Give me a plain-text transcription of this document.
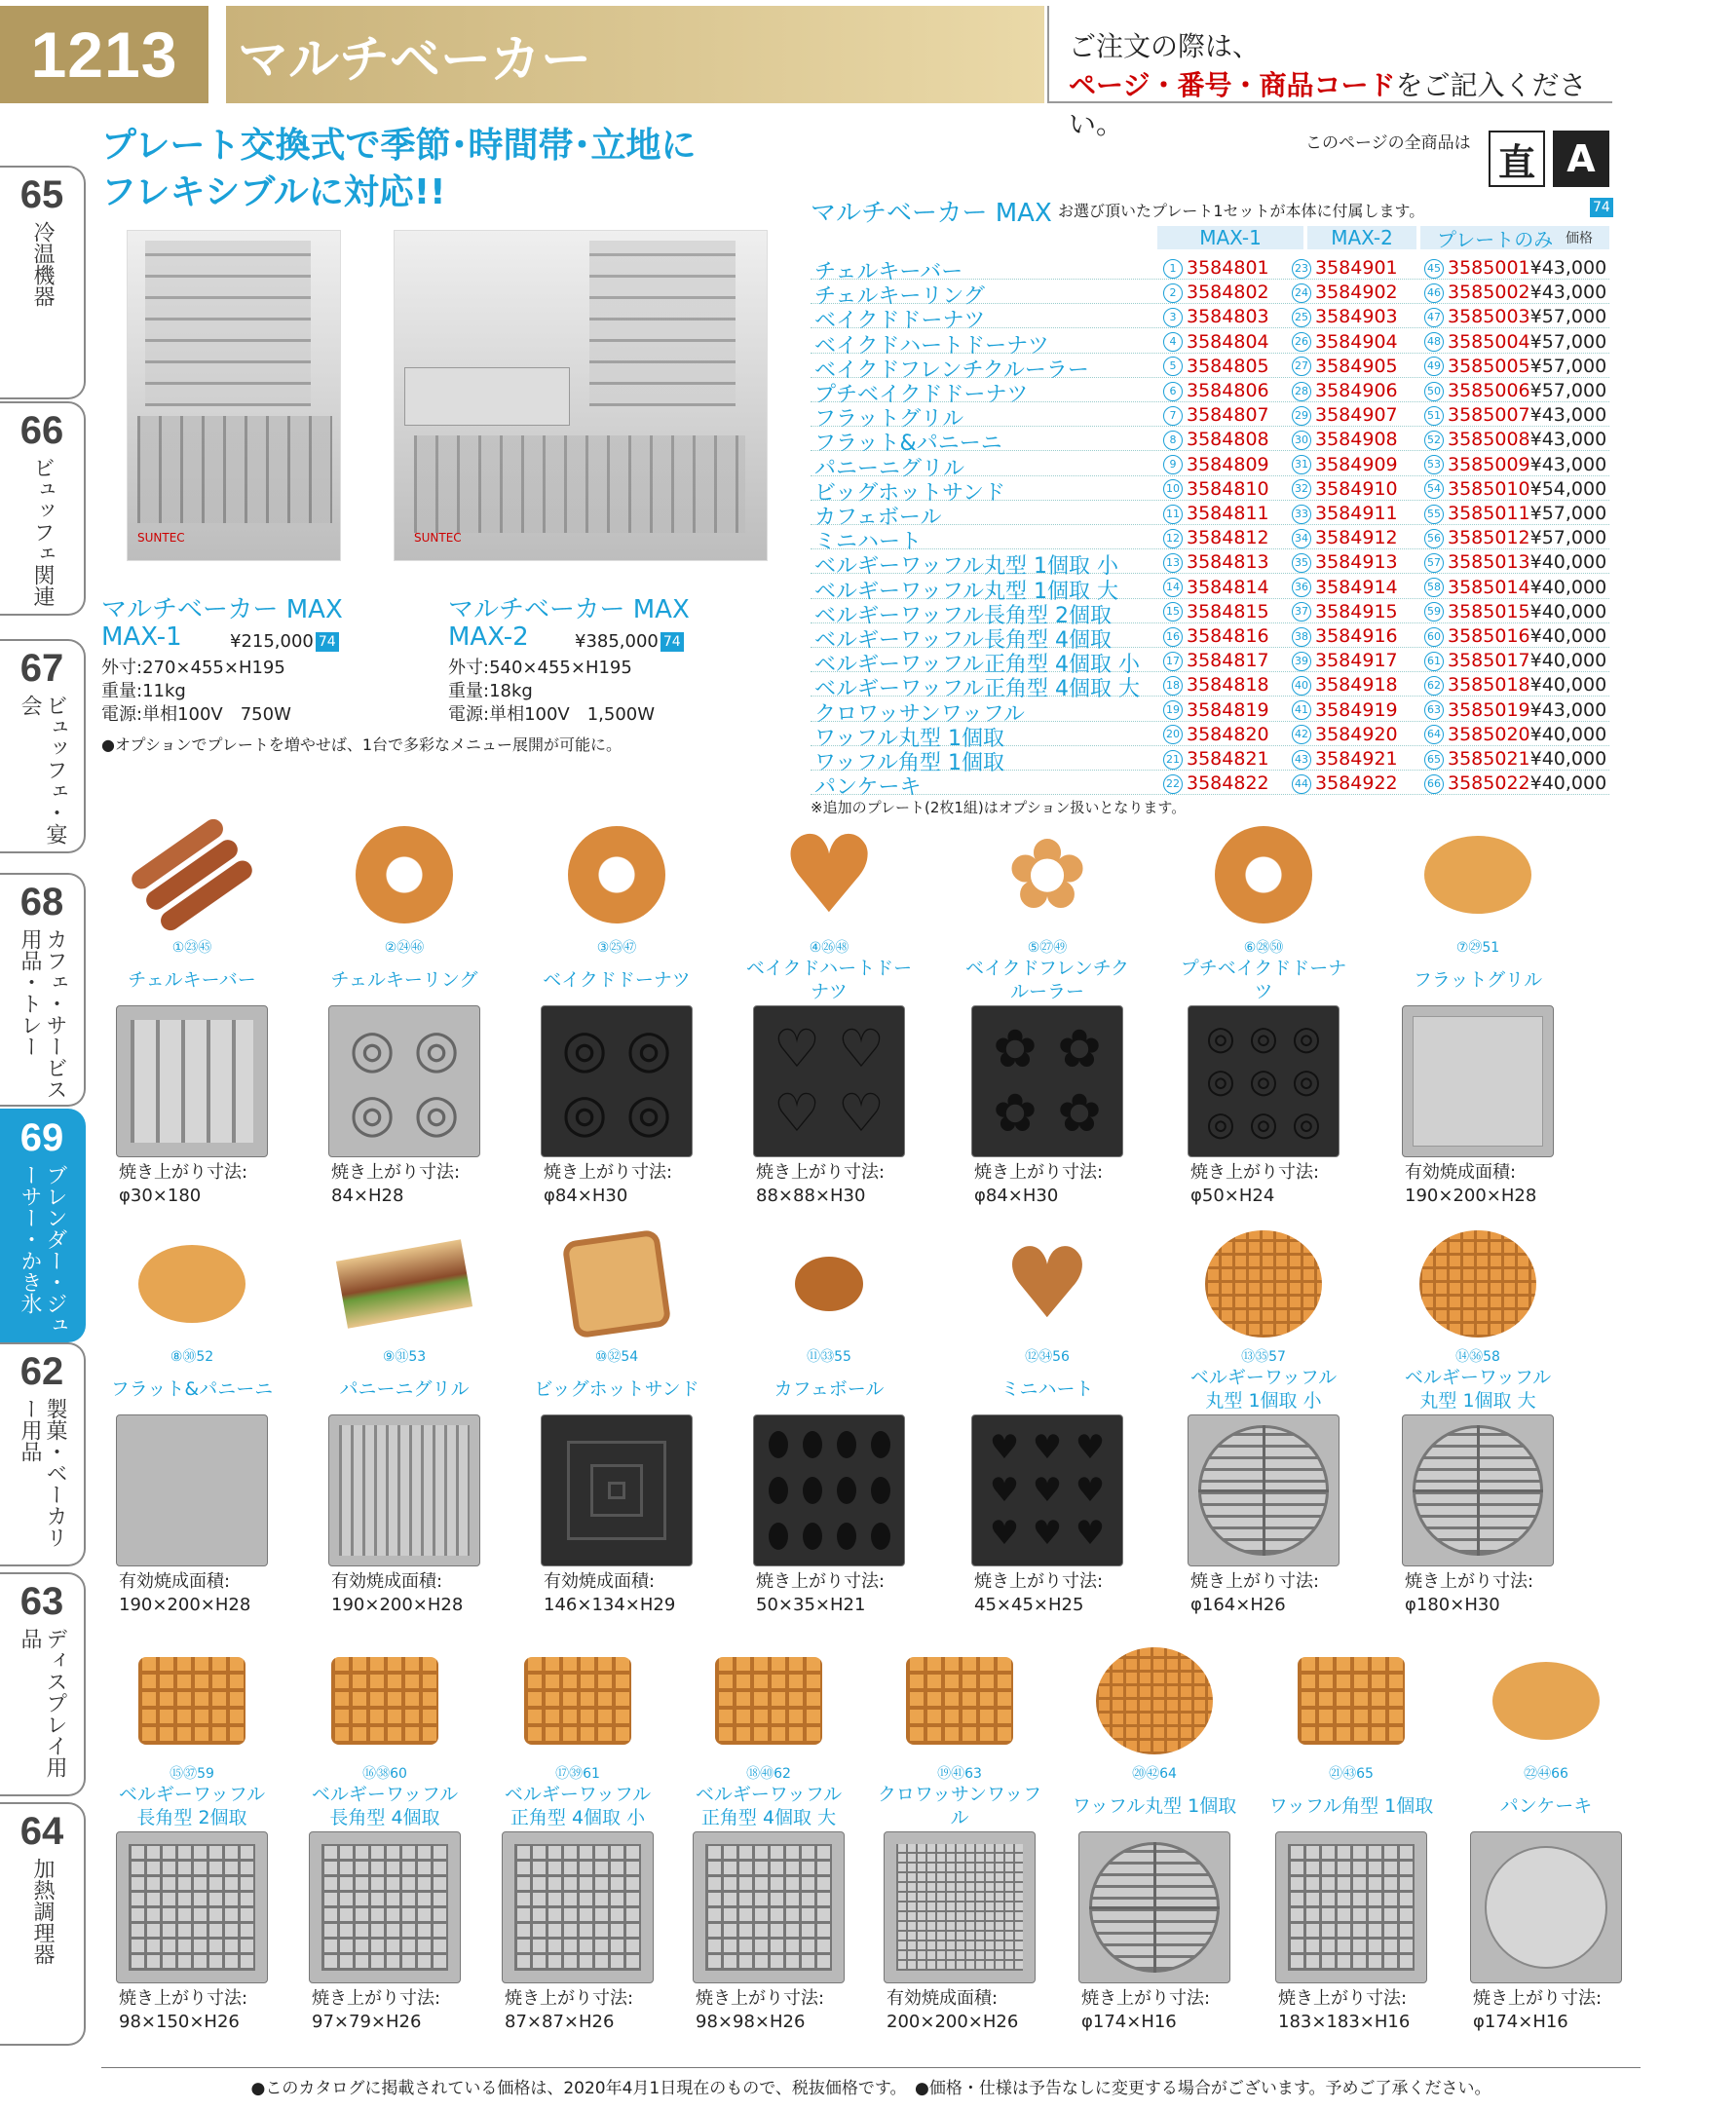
1213	マルチベーカー	ご注文の際は、
ページ・番号・商品コードをご記入ください。
65
冷温機器
66
ビュッフェ関連
67
ビュッフェ・宴会
68
カフェ・サービス用品・トレー
69
ブレンダー・ジューサー・かき氷
62
製菓・ベーカリー用品
63
ディスプレイ用品
64
加熱調理器
プレート交換式で季節･時間帯･立地に
フレキシブルに対応!!
このページの全商品は 直 A
SUNTEC	SUNTEC
マルチベーカー MAX
MAX-1	¥215,000 74
外寸:270×455×H195
重量:11kg
電源:単相100V　750W
マルチベーカー MAX
MAX-2	¥385,000 74
外寸:540×455×H195
重量:18kg
電源:単相100V　1,500W
●オプションでプレートを増やせば、1台で多彩なメニュー展開が可能に。
マルチベーカー MAX お選び頂いたプレート1セットが本体に付属します。	74
MAX-1	MAX-2	プレートのみ
価格
チェルキーバー	1 3584801 23 3584901	45 3585001¥43,000
チェルキーリング	2 3584802 24 3584902	46 3585002¥43,000
ベイクドドーナツ	3 3584803 25 3584903	47 3585003¥57,000
ベイクドハートドーナツ	4 3584804 26 3584904	48 3585004¥57,000
ベイクドフレンチクルーラー	5 3584805 27 3584905	49 3585005¥57,000
プチベイクドドーナツ	6 3584806 28 3584906	50 3585006¥57,000
フラットグリル	7 3584807 29 3584907	51 3585007¥43,000
フラット&パニーニ	8 3584808 30 3584908	52 3585008¥43,000
パニーニグリル	9 3584809 31 3584909	53 3585009¥43,000
ビッグホットサンド	10 3584810 32 3584910	54 3585010¥54,000
カフェボール	11 3584811 33 3584911	55 3585011¥57,000
ミニハート	12 3584812 34 3584912	56 3585012¥57,000
ベルギーワッフル丸型 1個取 小	13 3584813 35 3584913	57 3585013¥40,000
ベルギーワッフル丸型 1個取 大	14 3584814 36 3584914	58 3585014¥40,000
ベルギーワッフル長角型 2個取	15 3584815 37 3584915	59 3585015¥40,000
ベルギーワッフル長角型 4個取	16 3584816 38 3584916	60 3585016¥40,000
ベルギーワッフル正角型 4個取 小 17 3584817 39 3584917	61 3585017¥40,000
ベルギーワッフル正角型 4個取 大 18 3584818 40 3584918	62 3585018¥40,000
クロワッサンワッフル	19 3584819 41 3584919	63 3585019¥43,000
ワッフル丸型 1個取	20 3584820 42 3584920	64 3585020¥40,000
ワッフル角型 1個取	21 3584821 43 3584921	65 3585021¥40,000
パンケーキ	22 3584822 44 3584922	66 3585022¥40,000
※追加のプレート(2枚1組)はオプション扱いとなります。
①㉓㊺
チェルキーバー
焼き上がり寸法:
φ30×180
②㉔㊻
チェルキーリング
◎ ◎
◎ ◎
焼き上がり寸法:
84×H28
③㉕㊼
ベイクドドーナツ
◎ ◎
◎ ◎
焼き上がり寸法:
φ84×H30
♥
④㉖㊽
ベイクドハートドーナツ
♡ ♡
♡ ♡
焼き上がり寸法:
88×88×H30
✿
⑤㉗㊾
ベイクドフレンチクルーラー
✿ ✿
✿ ✿
焼き上がり寸法:
φ84×H30
⑥㉘㊿
プチベイクドドーナツ
◎ ◎ ◎
◎ ◎ ◎
◎ ◎ ◎
焼き上がり寸法:
φ50×H24
⑦㉙51
フラットグリル
有効焼成面積:
190×200×H28
⑧㉚52
フラット&パニーニ
有効焼成面積:
190×200×H28
⑨㉛53
パニーニグリル
有効焼成面積:
190×200×H28
⑩㉜54
ビッグホットサンド
有効焼成面積:
146×134×H29
⑪㉝55
カフェボール
焼き上がり寸法:
50×35×H21
♥
⑫㉞56
ミニハート
♥ ♥ ♥
♥ ♥ ♥
♥ ♥ ♥
焼き上がり寸法:
45×45×H25
⑬㉟57
ベルギーワッフル
丸型 1個取 小
焼き上がり寸法:
φ164×H26
⑭㊱58
ベルギーワッフル
丸型 1個取 大
焼き上がり寸法:
φ180×H30
⑮㊲59
ベルギーワッフル
長角型 2個取
焼き上がり寸法:
98×150×H26
⑯㊳60
ベルギーワッフル
長角型 4個取
焼き上がり寸法:
97×79×H26
⑰㊴61
ベルギーワッフル
正角型 4個取 小
焼き上がり寸法:
87×87×H26
⑱㊵62
ベルギーワッフル
正角型 4個取 大
焼き上がり寸法:
98×98×H26
⑲㊶63
クロワッサンワッフル
有効焼成面積:
200×200×H26
⑳㊷64
ワッフル丸型 1個取
焼き上がり寸法:
φ174×H16
㉑㊸65
ワッフル角型 1個取
焼き上がり寸法:
183×183×H16
㉒㊹66
パンケーキ
焼き上がり寸法:
φ174×H16
●このカタログに掲載されている価格は、2020年4月1日現在のもので、税抜価格です。　●価格・仕様は予告なしに変更する場合がございます。予めご了承ください。
